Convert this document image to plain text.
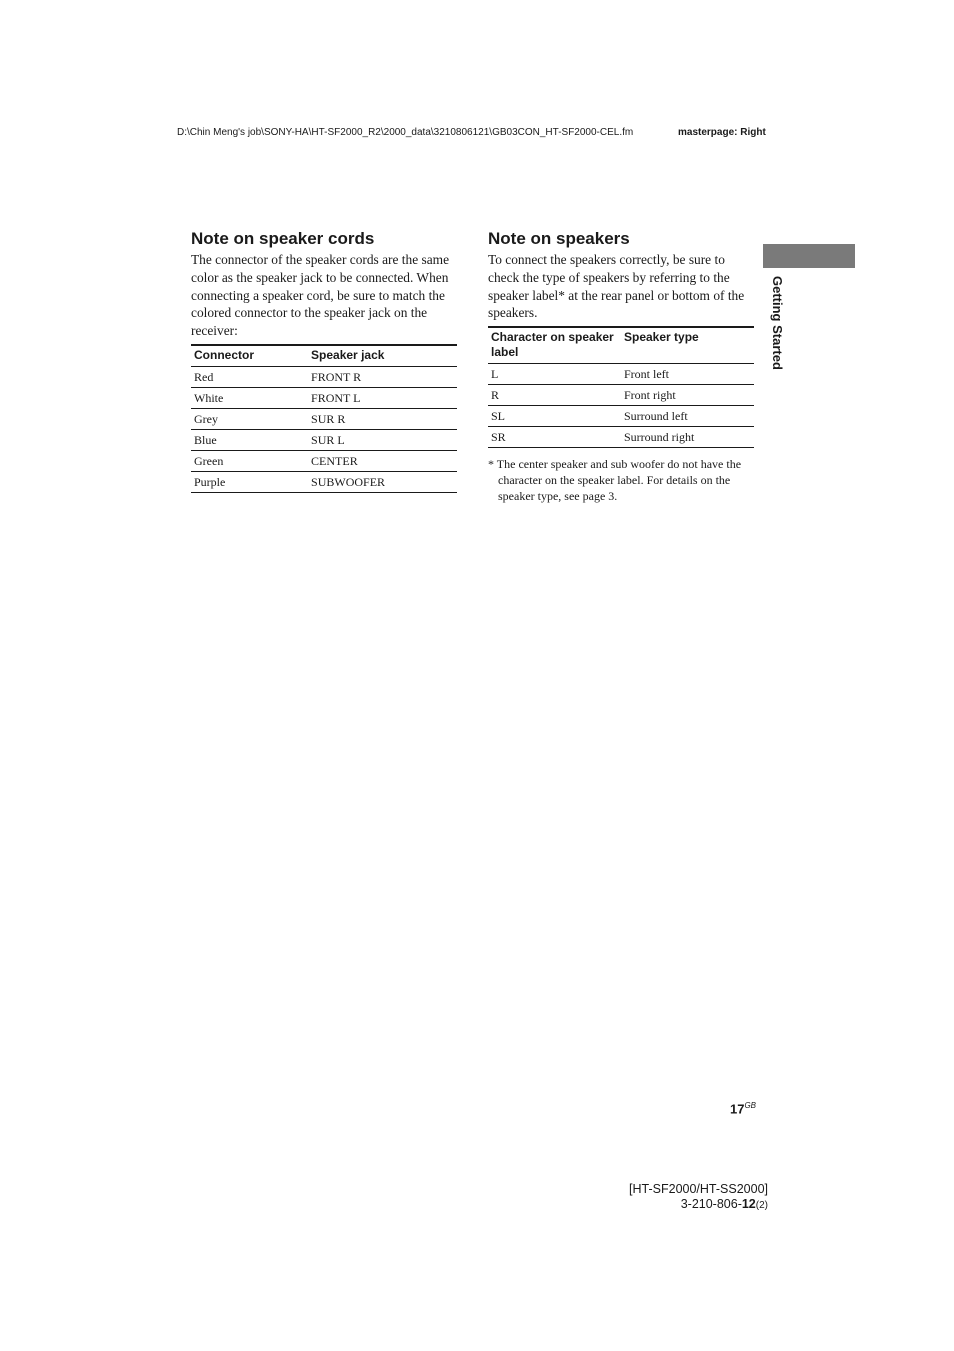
D:\Chin Meng's job\SONY-HA\HT-SF2000_R2\2000_data\3210806121\GB03CON_HT-SF2000-CEL.fm	masterpage: Right
Note on speaker cords

The connector of the speaker cords are the same color as the speaker jack to be connected. When connecting a speaker cord, be sure to match the colored connector to the speaker jack on the receiver:

Connector	Speaker jack
Red	FRONT R
White	FRONT L
Grey	SUR R
Blue	SUR L
Green	CENTER
Purple	SUBWOOFER
Note on speakers

To connect the speakers correctly, be sure to check the type of speakers by referring to the speaker label* at the rear panel or bottom of the speakers.

Character on speaker label	Speaker type
L	Front left
R	Front right
SL	Surround left
SR	Surround right

* The center speaker and sub woofer do not have the character on the speaker label. For details on the speaker type, see page 3.

Getting Started
$17^{GB}$
[HT-SF2000/HT-SS2000]
3-210-806-12(2)
